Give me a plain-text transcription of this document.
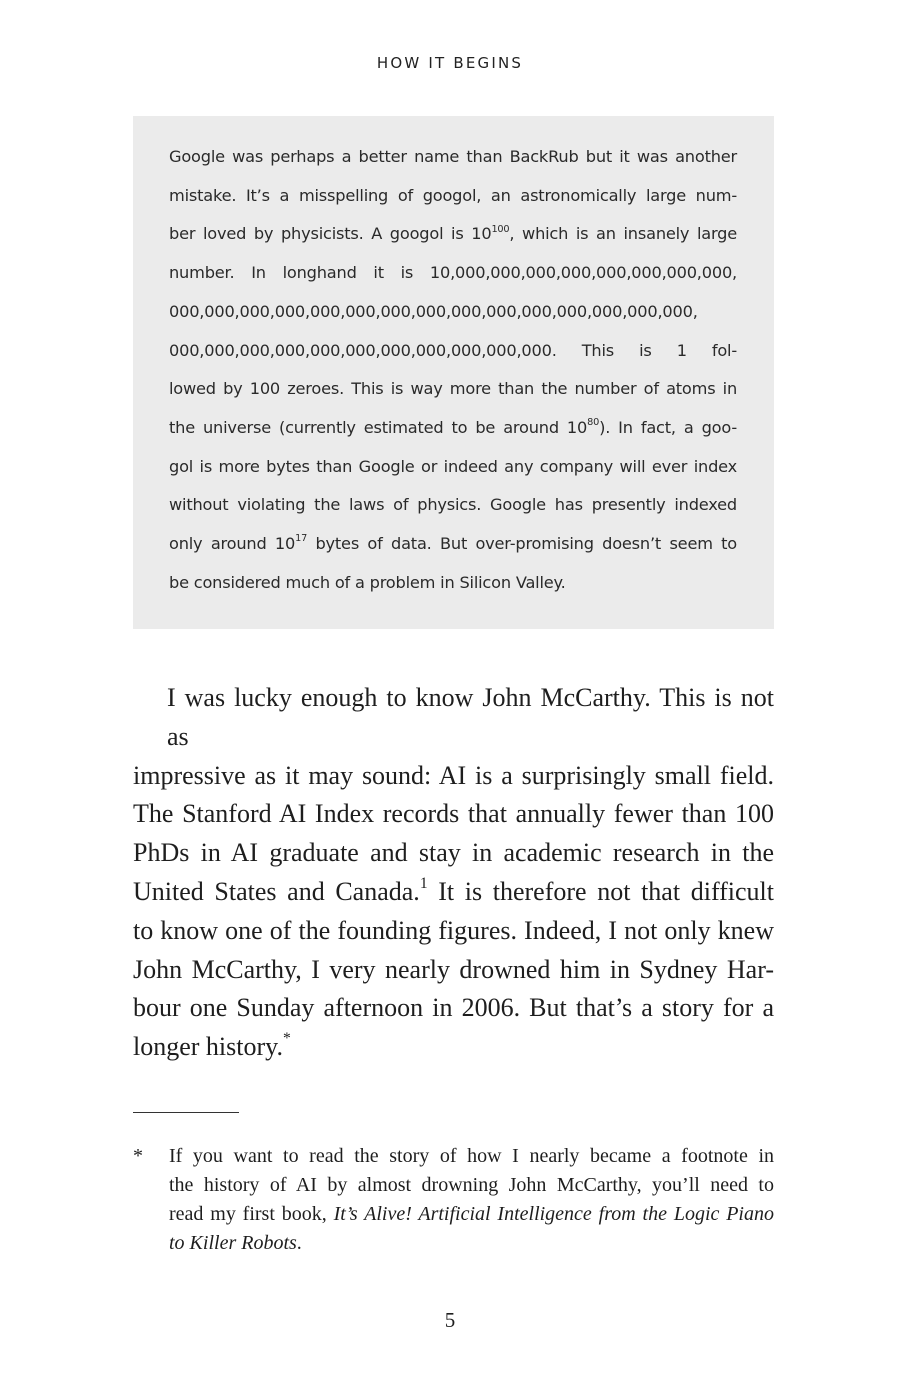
HOW IT BEGINS
Google was perhaps a better name than BackRub but it was another
mistake. It’s a misspelling of googol, an astronomically large num-
ber loved by physicists. A googol is $10^{100}$, which is an insanely large
number. In longhand it is 10,000,000,000,000,000,000,000,000,
000,000,000,000,000,000,000,000,000,000,000,000,000,000,000,
000,000,000,000,000,000,000,000,000,000,000. This is 1 fol-
lowed by 100 zeroes. This is way more than the number of atoms in
the universe (currently estimated to be around $10^{80}$). In fact, a goo-
gol is more bytes than Google or indeed any company will ever index
without violating the laws of physics. Google has presently indexed
only around $10^{17}$ bytes of data. But over-promising doesn’t seem to
be considered much of a problem in Silicon Valley.
I was lucky enough to know John McCarthy. This is not as
impressive as it may sound: AI is a surprisingly small field.
The Stanford AI Index records that annually fewer than 100
PhDs in AI graduate and stay in academic research in the
United States and Canada.$^1$ It is therefore not that difficult
to know one of the founding figures. Indeed, I not only knew
John McCarthy, I very nearly drowned him in Sydney Har-
bour one Sunday afternoon in 2006. But that’s a story for a
longer history.*
*	If you want to read the story of how I nearly became a footnote in
the history of AI by almost drowning John McCarthy, you’ll need to
read my first book, It’s Alive! Artificial Intelligence from the Logic Piano
to Killer Robots.
5
